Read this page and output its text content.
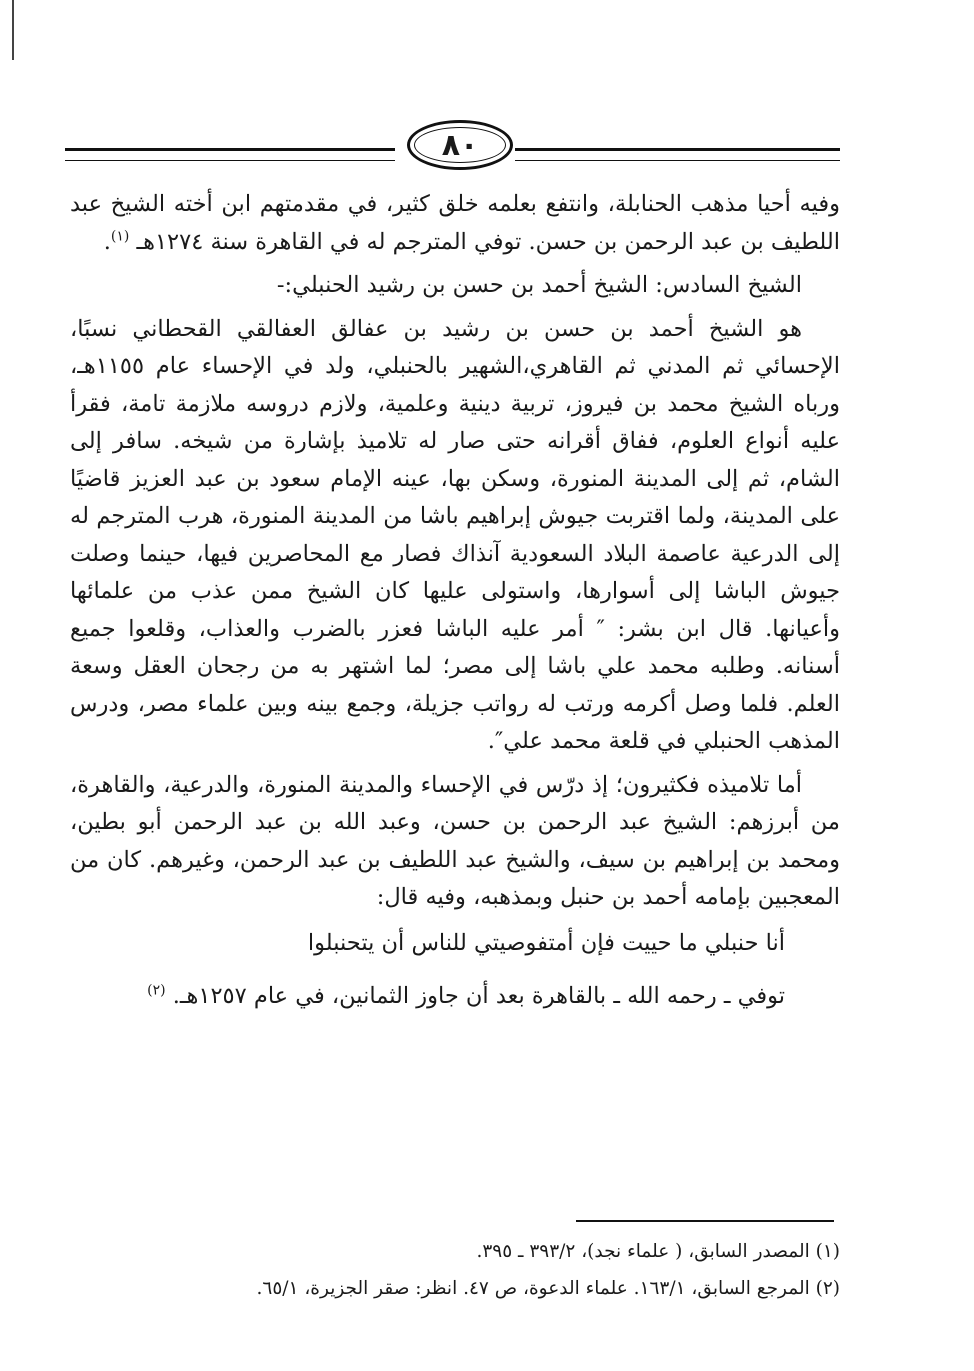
٨٠

وفيه أحيا مذهب الحنابلة، وانتفع بعلمه خلق كثير، في مقدمتهم ابن أخته الشيخ عبد اللطيف بن عبد الرحمن بن حسن. توفي المترجم له في القاهرة سنة ١٢٧٤هـ $^{(١)}$.

الشيخ السادس: الشيخ أحمد بن حسن بن رشيد الحنبلي:-

هو الشيخ أحمد بن حسن بن رشيد بن عفالق العفالقي القحطاني نسبًا، الإحسائي ثم المدني ثم القاهري،الشهير بالحنبلي، ولد في الإحساء عام ١١٥٥هـ، ورباه الشيخ محمد بن فيروز، تربية دينية وعلمية، ولازم دروسه ملازمة تامة، فقرأ عليه أنواع العلوم، ففاق أقرانه حتى صار له تلاميذ بإشارة من شيخه. سافر إلى الشام، ثم إلى المدينة المنورة، وسكن بها، عينه الإمام سعود بن عبد العزيز قاضيًا على المدينة، ولما اقتربت جيوش إبراهيم باشا من المدينة المنورة، هرب المترجم له إلى الدرعية عاصمة البلاد السعودية آنذاك فصار مع المحاصرين فيها، حينما وصلت جيوش الباشا إلى أسوارها، واستولى عليها كان الشيخ ممن عذب من علمائها وأعيانها. قال ابن بشر: ″ أمر عليه الباشا فعزر بالضرب والعذاب، وقلعوا جميع أسنانه. وطلبه محمد علي باشا إلى مصر؛ لما اشتهر به من رجحان العقل وسعة العلم. فلما وصل أكرمه ورتب له رواتب جزيلة، وجمع بينه وبين علماء مصر، ودرس المذهب الحنبلي في قلعة محمد علي″.

أما تلاميذه فكثيرون؛ إذ درّس في الإحساء والمدينة المنورة، والدرعية، والقاهرة، من أبرزهم: الشيخ عبد الرحمن بن حسن، وعبد الله بن عبد الرحمن أبو بطين، ومحمد بن إبراهيم بن سيف، والشيخ عبد اللطيف بن عبد الرحمن، وغيرهم. كان من المعجبين بإمامه أحمد بن حنبل وبمذهبه، وفيه قال:

أنا حنبلي ما حييت فإن أمتفوصيتي للناس أن يتحنبلوا

توفي ـ رحمه الله ـ بالقاهرة بعد أن جاوز الثمانين، في عام ١٢٥٧هـ. $^{(٢)}$

(١) المصدر السابق، ( علماء نجد)، ٣٩٣/٢ ـ ٣٩٥.

(٢) المرجع السابق، ١٦٣/١. علماء الدعوة، ص ٤٧. انظر: صقر الجزيرة، ٦٥/١.
